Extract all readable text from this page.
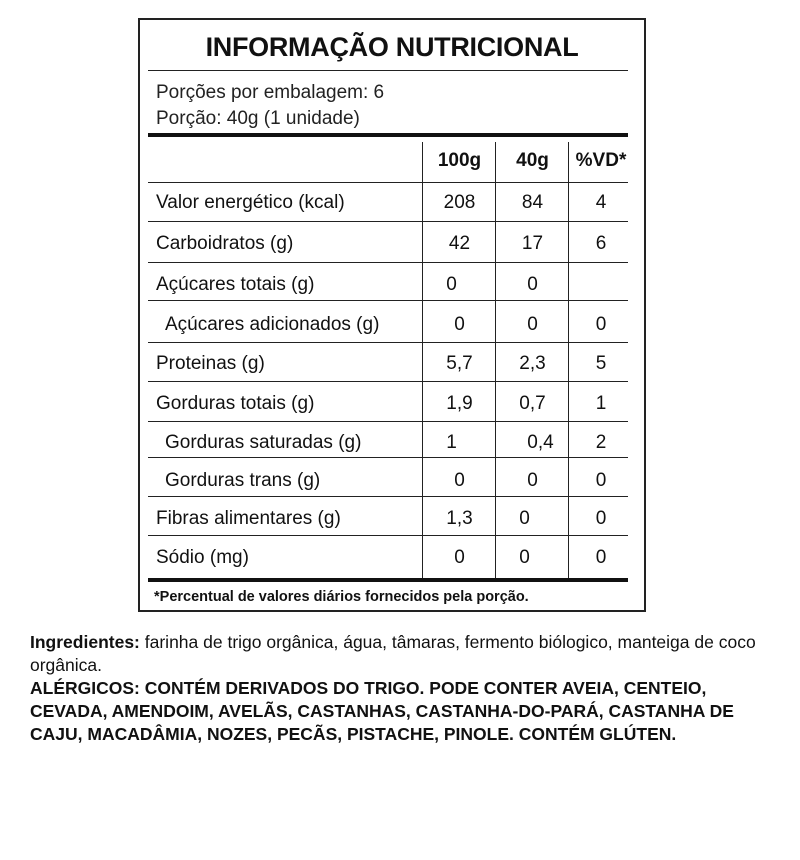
INFORMAÇÃO NUTRICIONAL
Porções por embalagem: 6
Porção: 40g (1 unidade)
100g	40g	%VD*
Valor energético (kcal)	208	84	4
Carboidratos (g)	42	17	6
Açúcares totais (g)	0	0
Açúcares adicionados (g)	0	0	0
Proteinas (g)	5,7	2,3	5
Gorduras totais (g)	1,9	0,7	1
Gorduras saturadas (g)	1	0,4	2
Gorduras trans (g)	0	0	0
Fibras alimentares (g)	1,3	0	0
Sódio (mg)	0	0	0
*Percentual de valores diários fornecidos pela porção.
Ingredientes: farinha de trigo orgânica, água, tâmaras, fermento biólogico, manteiga de coco orgânica.
ALÉRGICOS: CONTÉM DERIVADOS DO TRIGO. PODE CONTER AVEIA, CENTEIO, CEVADA, AMENDOIM, AVELÃS, CASTANHAS, CASTANHA-DO-PARÁ, CASTANHA DE CAJU, MACADÂMIA, NOZES, PECÃS, PISTACHE, PINOLE. CONTÉM GLÚTEN.
